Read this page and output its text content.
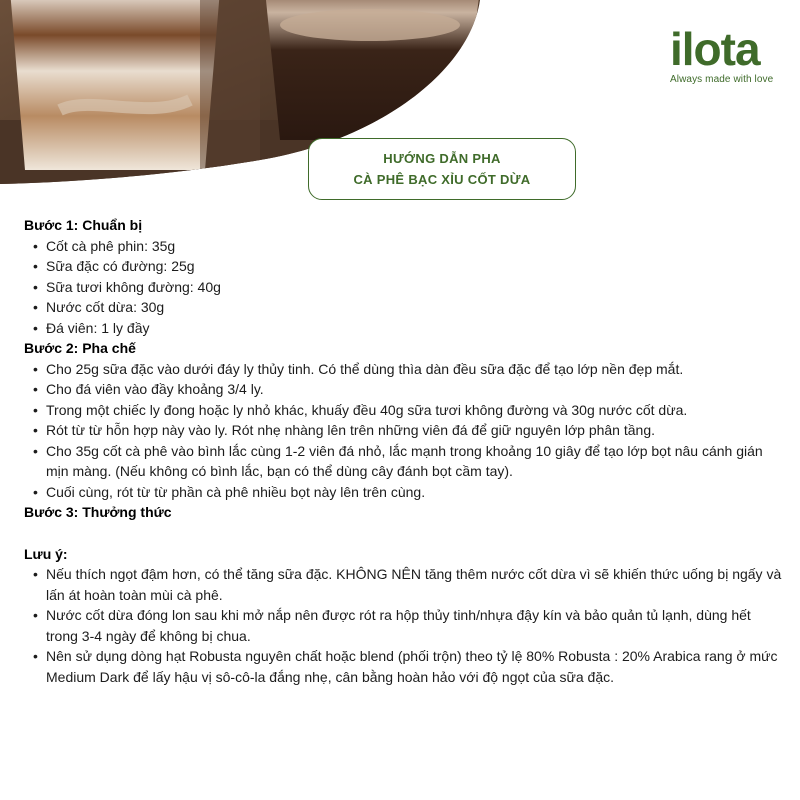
ilota
Always made with love
HƯỚNG DẪN PHA
CÀ PHÊ BẠC XỈU CỐT DỪA
Bước 1: Chuẩn bị
• Cốt cà phê phin: 35g
• Sữa đặc có đường: 25g
• Sữa tươi không đường: 40g
• Nước cốt dừa: 30g
• Đá viên: 1 ly đầy
Bước 2: Pha chế
• Cho 25g sữa đặc vào dưới đáy ly thủy tinh. Có thể dùng thìa dàn đều sữa đặc để tạo lớp nền đẹp mắt.
• Cho đá viên vào đầy khoảng 3/4 ly.
• Trong một chiếc ly đong hoặc ly nhỏ khác, khuấy đều 40g sữa tươi không đường và 30g nước cốt dừa.
• Rót từ từ hỗn hợp này vào ly. Rót nhẹ nhàng lên trên những viên đá để giữ nguyên lớp phân tầng.
• Cho 35g cốt cà phê vào bình lắc cùng 1-2 viên đá nhỏ, lắc mạnh trong khoảng 10 giây để tạo lớp bọt nâu cánh gián mịn màng. (Nếu không có bình lắc, bạn có thể dùng cây đánh bọt cầm tay).
• Cuối cùng, rót từ từ phần cà phê nhiều bọt này lên trên cùng.
Bước 3: Thưởng thức
Lưu ý:
• Nếu thích ngọt đậm hơn, có thể tăng sữa đặc. KHÔNG NÊN tăng thêm nước cốt dừa vì sẽ khiến thức uống bị ngấy và lấn át hoàn toàn mùi cà phê.
• Nước cốt dừa đóng lon sau khi mở nắp nên được rót ra hộp thủy tinh/nhựa đậy kín và bảo quản tủ lạnh, dùng hết trong 3-4 ngày để không bị chua.
• Nên sử dụng dòng hạt Robusta nguyên chất hoặc blend (phối trộn) theo tỷ lệ 80% Robusta : 20% Arabica rang ở mức Medium Dark để lấy hậu vị sô-cô-la đắng nhẹ, cân bằng hoàn hảo với độ ngọt của sữa đặc.
